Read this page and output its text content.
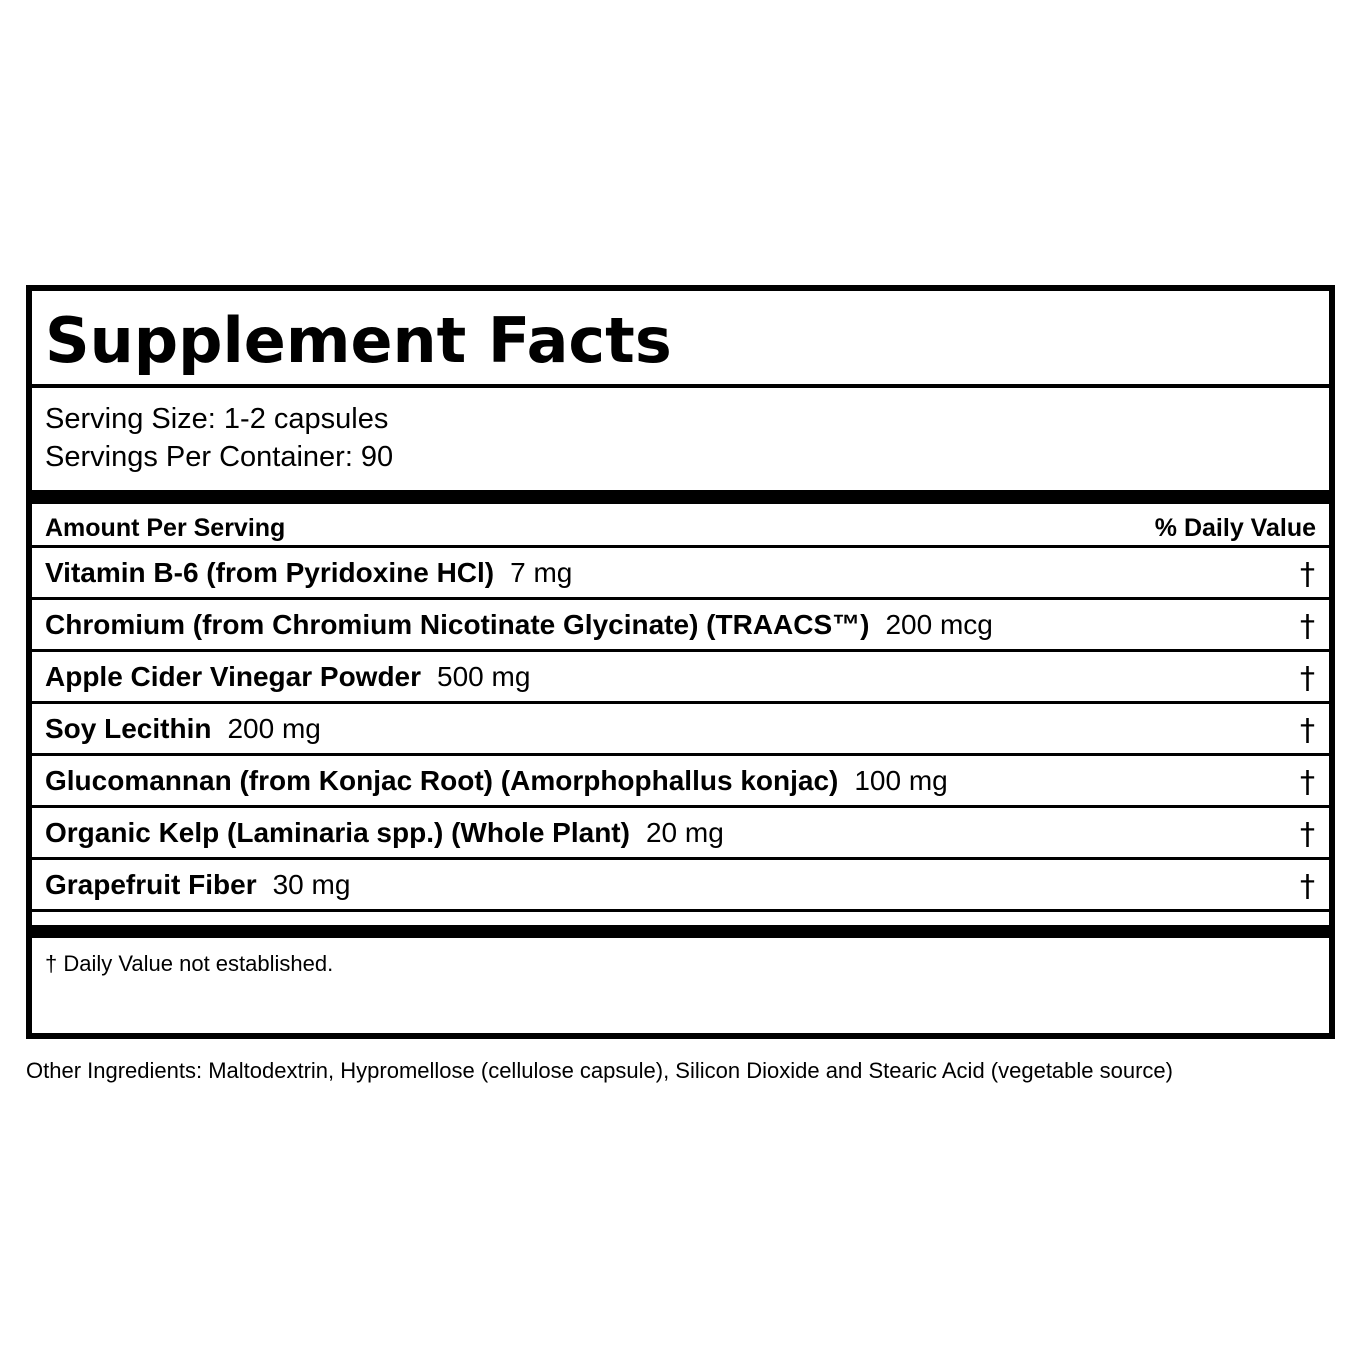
Supplement Facts
Serving Size: 1-2 capsules
Servings Per Container: 90
Amount Per Serving	% Daily Value
Vitamin B-6 (from Pyridoxine HCl) 7 mg	†
Chromium (from Chromium Nicotinate Glycinate) (TRAACS™) 200 mcg	†
Apple Cider Vinegar Powder 500 mg	†
Soy Lecithin 200 mg	†
Glucomannan (from Konjac Root) (Amorphophallus konjac) 100 mg	†
Organic Kelp (Laminaria spp.) (Whole Plant) 20 mg	†
Grapefruit Fiber 30 mg	†
† Daily Value not established.
Other Ingredients: Maltodextrin, Hypromellose (cellulose capsule), Silicon Dioxide and Stearic Acid (vegetable source)
